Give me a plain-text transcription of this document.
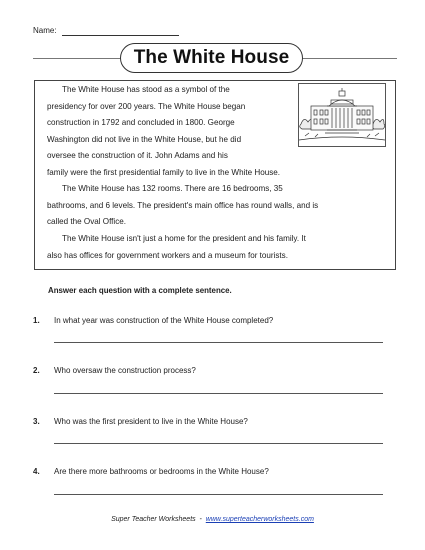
Name:
The White House
The White House has stood as a symbol of the
presidency for over 200 years. The White House began
construction in 1792 and concluded in 1800. George
Washington did not live in the White House, but he did
oversee the construction of it. John Adams and his
family were the first presidential family to live in the White House.
The White House has 132 rooms. There are 16 bedrooms, 35
bathrooms, and 6 levels. The president's main office has round walls, and is
called the Oval Office.
The White House isn't just a home for the president and his family. It
also has offices for government workers and a museum for tourists.
Answer each question with a complete sentence.
1. In what year was construction of the White House completed?
2. Who oversaw the construction process?
3. Who was the first president to live in the White House?
4. Are there more bathrooms or bedrooms in the White House?
Super Teacher Worksheets - www.superteacherworksheets.com
